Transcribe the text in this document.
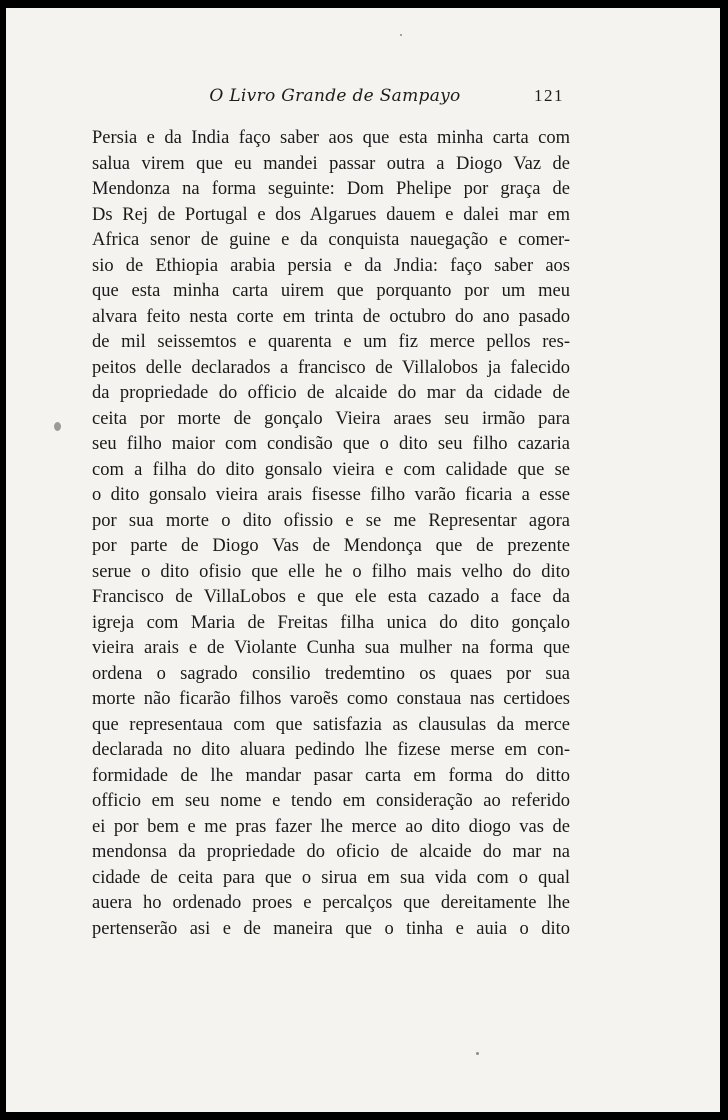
O Livro Grande de Sampayo	121
Persia e da India faço saber aos que esta minha carta com
salua virem que eu mandei passar outra a Diogo Vaz de
Mendonza na forma seguinte: Dom Phelipe por graça de
Ds Rej de Portugal e dos Algarues dauem e dalei mar em
Africa senor de guine e da conquista nauegação e comer-
sio de Ethiopia arabia persia e da Jndia: faço saber aos
que esta minha carta uirem que porquanto por um meu
alvara feito nesta corte em trinta de octubro do ano pasado
de mil seissemtos e quarenta e um fiz merce pellos res-
peitos delle declarados a francisco de Villalobos ja falecido
da propriedade do officio de alcaide do mar da cidade de
ceita por morte de gonçalo Vieira araes seu irmão para
seu filho maior com condisão que o dito seu filho cazaria
com a filha do dito gonsalo vieira e com calidade que se
o dito gonsalo vieira arais fisesse filho varão ficaria a esse
por sua morte o dito ofissio e se me Representar agora
por parte de Diogo Vas de Mendonça que de prezente
serue o dito ofisio que elle he o filho mais velho do dito
Francisco de VillaLobos e que ele esta cazado a face da
igreja com Maria de Freitas filha unica do dito gonçalo
vieira arais e de Violante Cunha sua mulher na forma que
ordena o sagrado consilio tredemtino os quaes por sua
morte não ficarão filhos varoẽs como constaua nas certidoes
que representaua com que satisfazia as clausulas da merce
declarada no dito aluara pedindo lhe fizese merse em con-
formidade de lhe mandar pasar carta em forma do ditto
officio em seu nome e tendo em consideração ao referido
ei por bem e me pras fazer lhe merce ao dito diogo vas de
mendonsa da propriedade do oficio de alcaide do mar na
cidade de ceita para que o sirua em sua vida com o qual
auera ho ordenado proes e percalços que dereitamente lhe
pertenserão asi e de maneira que o tinha e auia o dito
